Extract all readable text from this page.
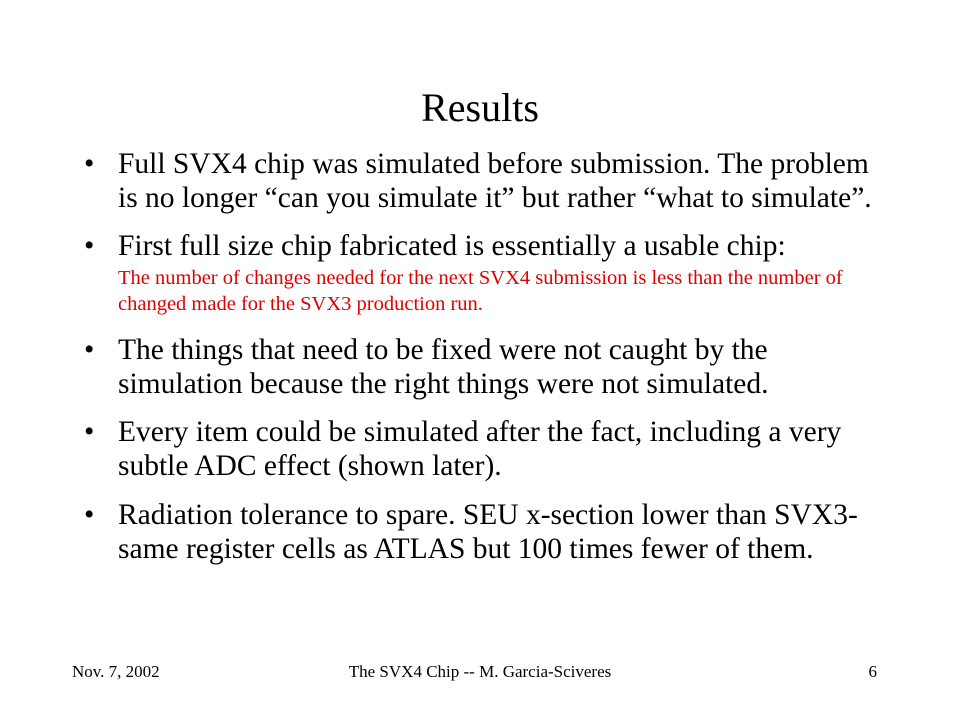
Results
• Full SVX4 chip was simulated before submission. The problem is no longer “can you simulate it” but rather “what to simulate”.
• First full size chip fabricated is essentially a usable chip:
The number of changes needed for the next SVX4 submission is less than the number of changed made for the SVX3 production run.
• The things that need to be fixed were not caught by the simulation because the right things were not simulated.
• Every item could be simulated after the fact, including a very subtle ADC effect (shown later).
• Radiation tolerance to spare. SEU x-section lower than SVX3- same register cells as ATLAS but 100 times fewer of them.
Nov. 7, 2002	The SVX4 Chip -- M. Garcia-Sciveres	6
